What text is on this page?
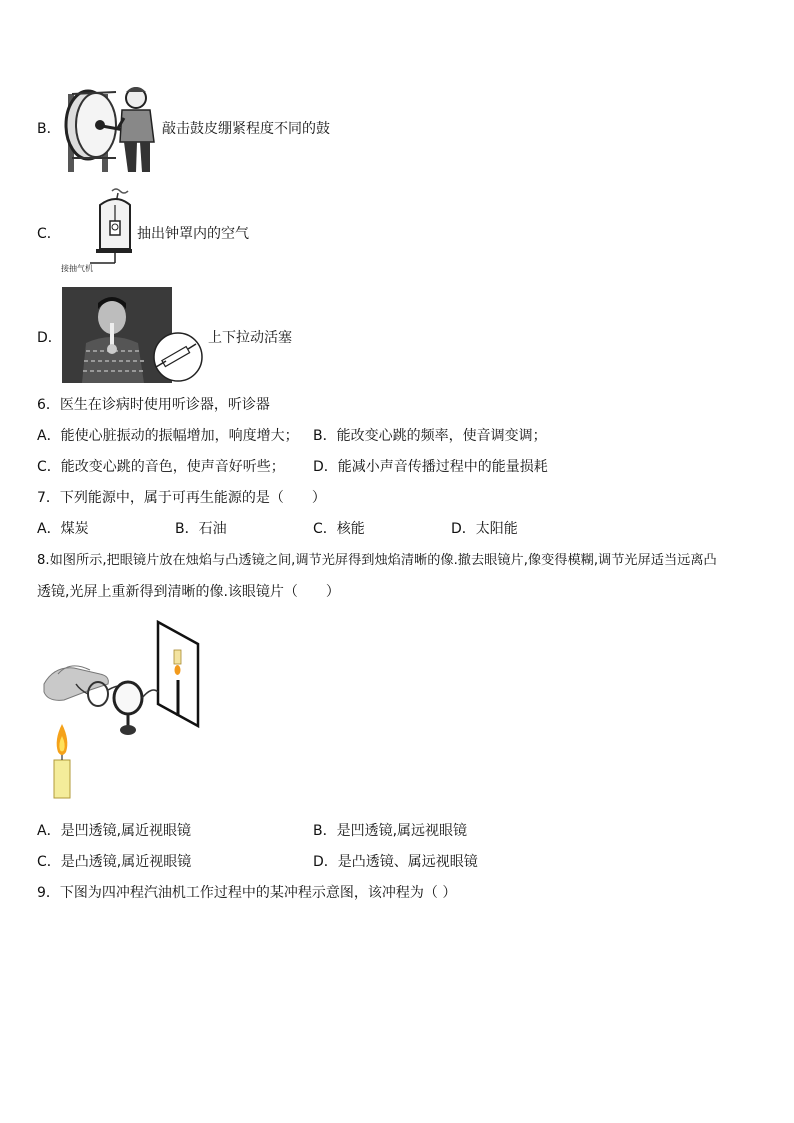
B．	敲击鼓皮绷紧程度不同的鼓
C．
接抽气机
抽出钟罩内的空气
D．	上下拉动活塞
6．医生在诊病时使用听诊器，听诊器
A．能使心脏振动的振幅增加，响度增大； B．能改变心跳的频率，使音调变调；
C．能改变心跳的音色，使声音好听些； D．能减小声音传播过程中的能量损耗
7．下列能源中，属于可再生能源的是（　　）
A．煤炭	B．石油	C．核能	D．太阳能
8.如图所示,把眼镜片放在烛焰与凸透镜之间,调节光屏得到烛焰清晰的像.撤去眼镜片,像变得模糊,调节光屏适当远离凸
透镜,光屏上重新得到清晰的像.该眼镜片（　　）
A．是凹透镜,属近视眼镜	B．是凹透镜,属远视眼镜
C．是凸透镜,属近视眼镜	D．是凸透镜、属远视眼镜
9．下图为四冲程汽油机工作过程中的某冲程示意图，该冲程为（ ）
